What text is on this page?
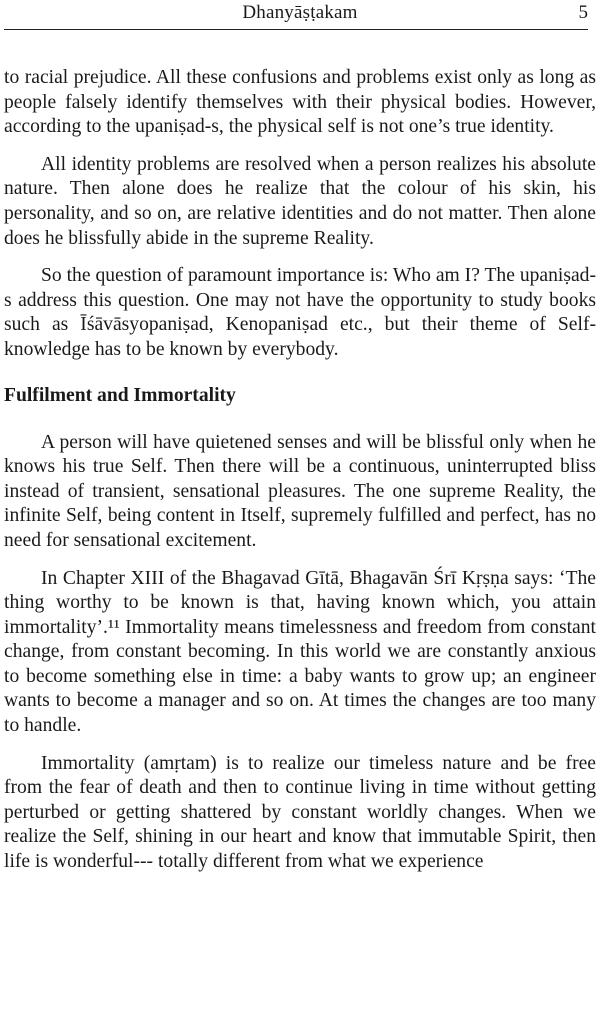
Dhanyāṣṭakam	5

to racial prejudice. All these confusions and problems exist only as long as people falsely identify themselves with their physical bodies. However, according to the upaniṣad-s, the physical self is not one’s true identity.

All identity problems are resolved when a person realizes his absolute nature. Then alone does he realize that the colour of his skin, his personality, and so on, are relative identities and do not matter. Then alone does he blissfully abide in the supreme Reality.

So the question of paramount importance is: Who am I? The upaniṣad-s address this question. One may not have the opportunity to study books such as Īśāvāsyopaniṣad, Kenopaniṣad etc., but their theme of Self-knowledge has to be known by everybody.

Fulfilment and Immortality

A person will have quietened senses and will be blissful only when he knows his true Self. Then there will be a continuous, uninterrupted bliss instead of transient, sensational pleasures. The one supreme Reality, the infinite Self, being content in Itself, supremely fulfilled and perfect, has no need for sensational excitement.

In Chapter XIII of the Bhagavad Gītā, Bhagavān Śrī Kṛṣṇa says: ‘The thing worthy to be known is that, having known which, you attain immortality’.¹¹ Immortality means timelessness and freedom from constant change, from constant becoming. In this world we are constantly anxious to become something else in time: a baby wants to grow up; an engineer wants to become a manager and so on. At times the changes are too many to handle.

Immortality (amṛtam) is to realize our timeless nature and be free from the fear of death and then to continue living in time without getting perturbed or getting shattered by constant worldly changes. When we realize the Self, shining in our heart and know that immutable Spirit, then life is wonderful--- totally different from what we experience
